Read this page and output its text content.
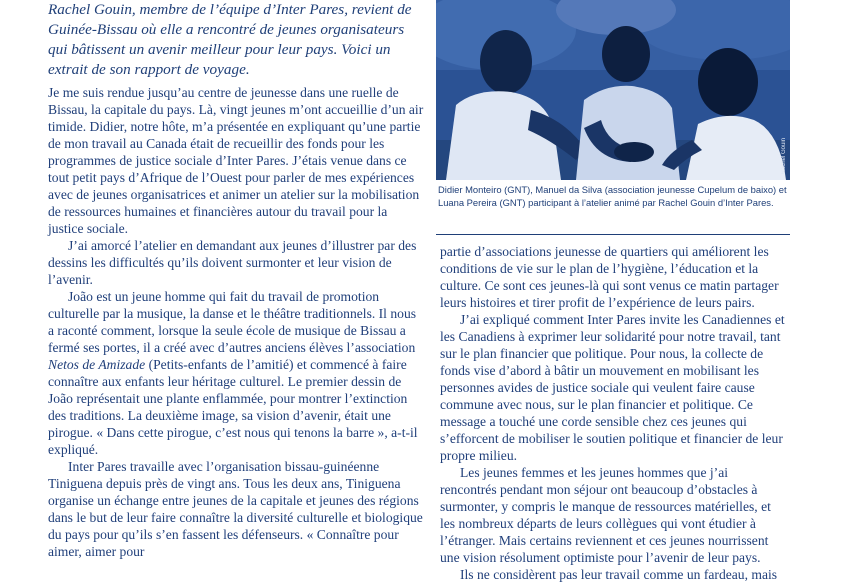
Rachel Gouin, membre de l’équipe d’Inter Pares, revient de Guinée-Bissau où elle a rencontré de jeunes organisateurs qui bâtissent un avenir meilleur pour leur pays. Voici un extrait de son rapport de voyage.

Rachel Gouin
Didier Monteiro (GNT), Manuel da Silva (association jeunesse Cupelum de baixo) et Luana Pereira (GNT) participant à l’atelier animé par Rachel Gouin d’Inter Pares.

Je me suis rendue jusqu’au centre de jeunesse dans une ruelle de Bissau, la capitale du pays. Là, vingt jeunes m’ont accueillie d’un air timide. Didier, notre hôte, m’a présentée en expliquant qu’une partie de mon travail au Canada était de recueillir des fonds pour les programmes de justice sociale d’Inter Pares. J’étais venue dans ce tout petit pays d’Afrique de l’Ouest pour parler de mes expériences avec de jeunes organisatrices et animer un atelier sur la mobilisation de ressources humaines et financières autour du travail pour la justice sociale.

J’ai amorcé l’atelier en demandant aux jeunes d’illustrer par des dessins les difficultés qu’ils doivent surmonter et leur vision de l’avenir.

João est un jeune homme qui fait du travail de promotion culturelle par la musique, la danse et le théâtre traditionnels. Il nous a raconté comment, lorsque la seule école de musique de Bissau a fermé ses portes, il a créé avec d’autres anciens élèves l’association Netos de Amizade (Petits-enfants de l’amitié) et commencé à faire connaître aux enfants leur héritage culturel. Le premier dessin de João représentait une plante enflammée, pour montrer l’extinction des traditions. La deuxième image, sa vision d’avenir, était une pirogue. « Dans cette pirogue, c’est nous qui tenons la barre », a-t-il expliqué.

Inter Pares travaille avec l’organisation bissau-guinéenne Tiniguena depuis près de vingt ans. Tous les deux ans, Tiniguena organise un échange entre jeunes de la capitale et jeunes des régions dans le but de leur faire connaître la diversité culturelle et biologique du pays pour qu’ils s’en fassent les défenseurs. « Connaître pour aimer, aimer pour

partie d’associations jeunesse de quartiers qui améliorent les conditions de vie sur le plan de l’hygiène, l’éducation et la culture. Ce sont ces jeunes-là qui sont venus ce matin partager leurs histoires et tirer profit de l’expérience de leurs pairs.

J’ai expliqué comment Inter Pares invite les Canadiennes et les Canadiens à exprimer leur solidarité pour notre travail, tant sur le plan financier que politique. Pour nous, la collecte de fonds vise d’abord à bâtir un mouvement en mobilisant les personnes avides de justice sociale qui veulent faire cause commune avec nous, sur le plan financier et politique. Ce message a touché une corde sensible chez ces jeunes qui s’efforcent de mobiliser le soutien politique et financier de leur propre milieu.

Les jeunes femmes et les jeunes hommes que j’ai rencontrés pendant mon séjour ont beaucoup d’obstacles à surmonter, y compris le manque de ressources matérielles, et les nombreux départs de leurs collègues qui vont étudier à l’étranger. Mais certains reviennent et ces jeunes nourrissent une vision résolument optimiste pour l’avenir de leur pays.

Ils ne considèrent pas leur travail comme un fardeau, mais
